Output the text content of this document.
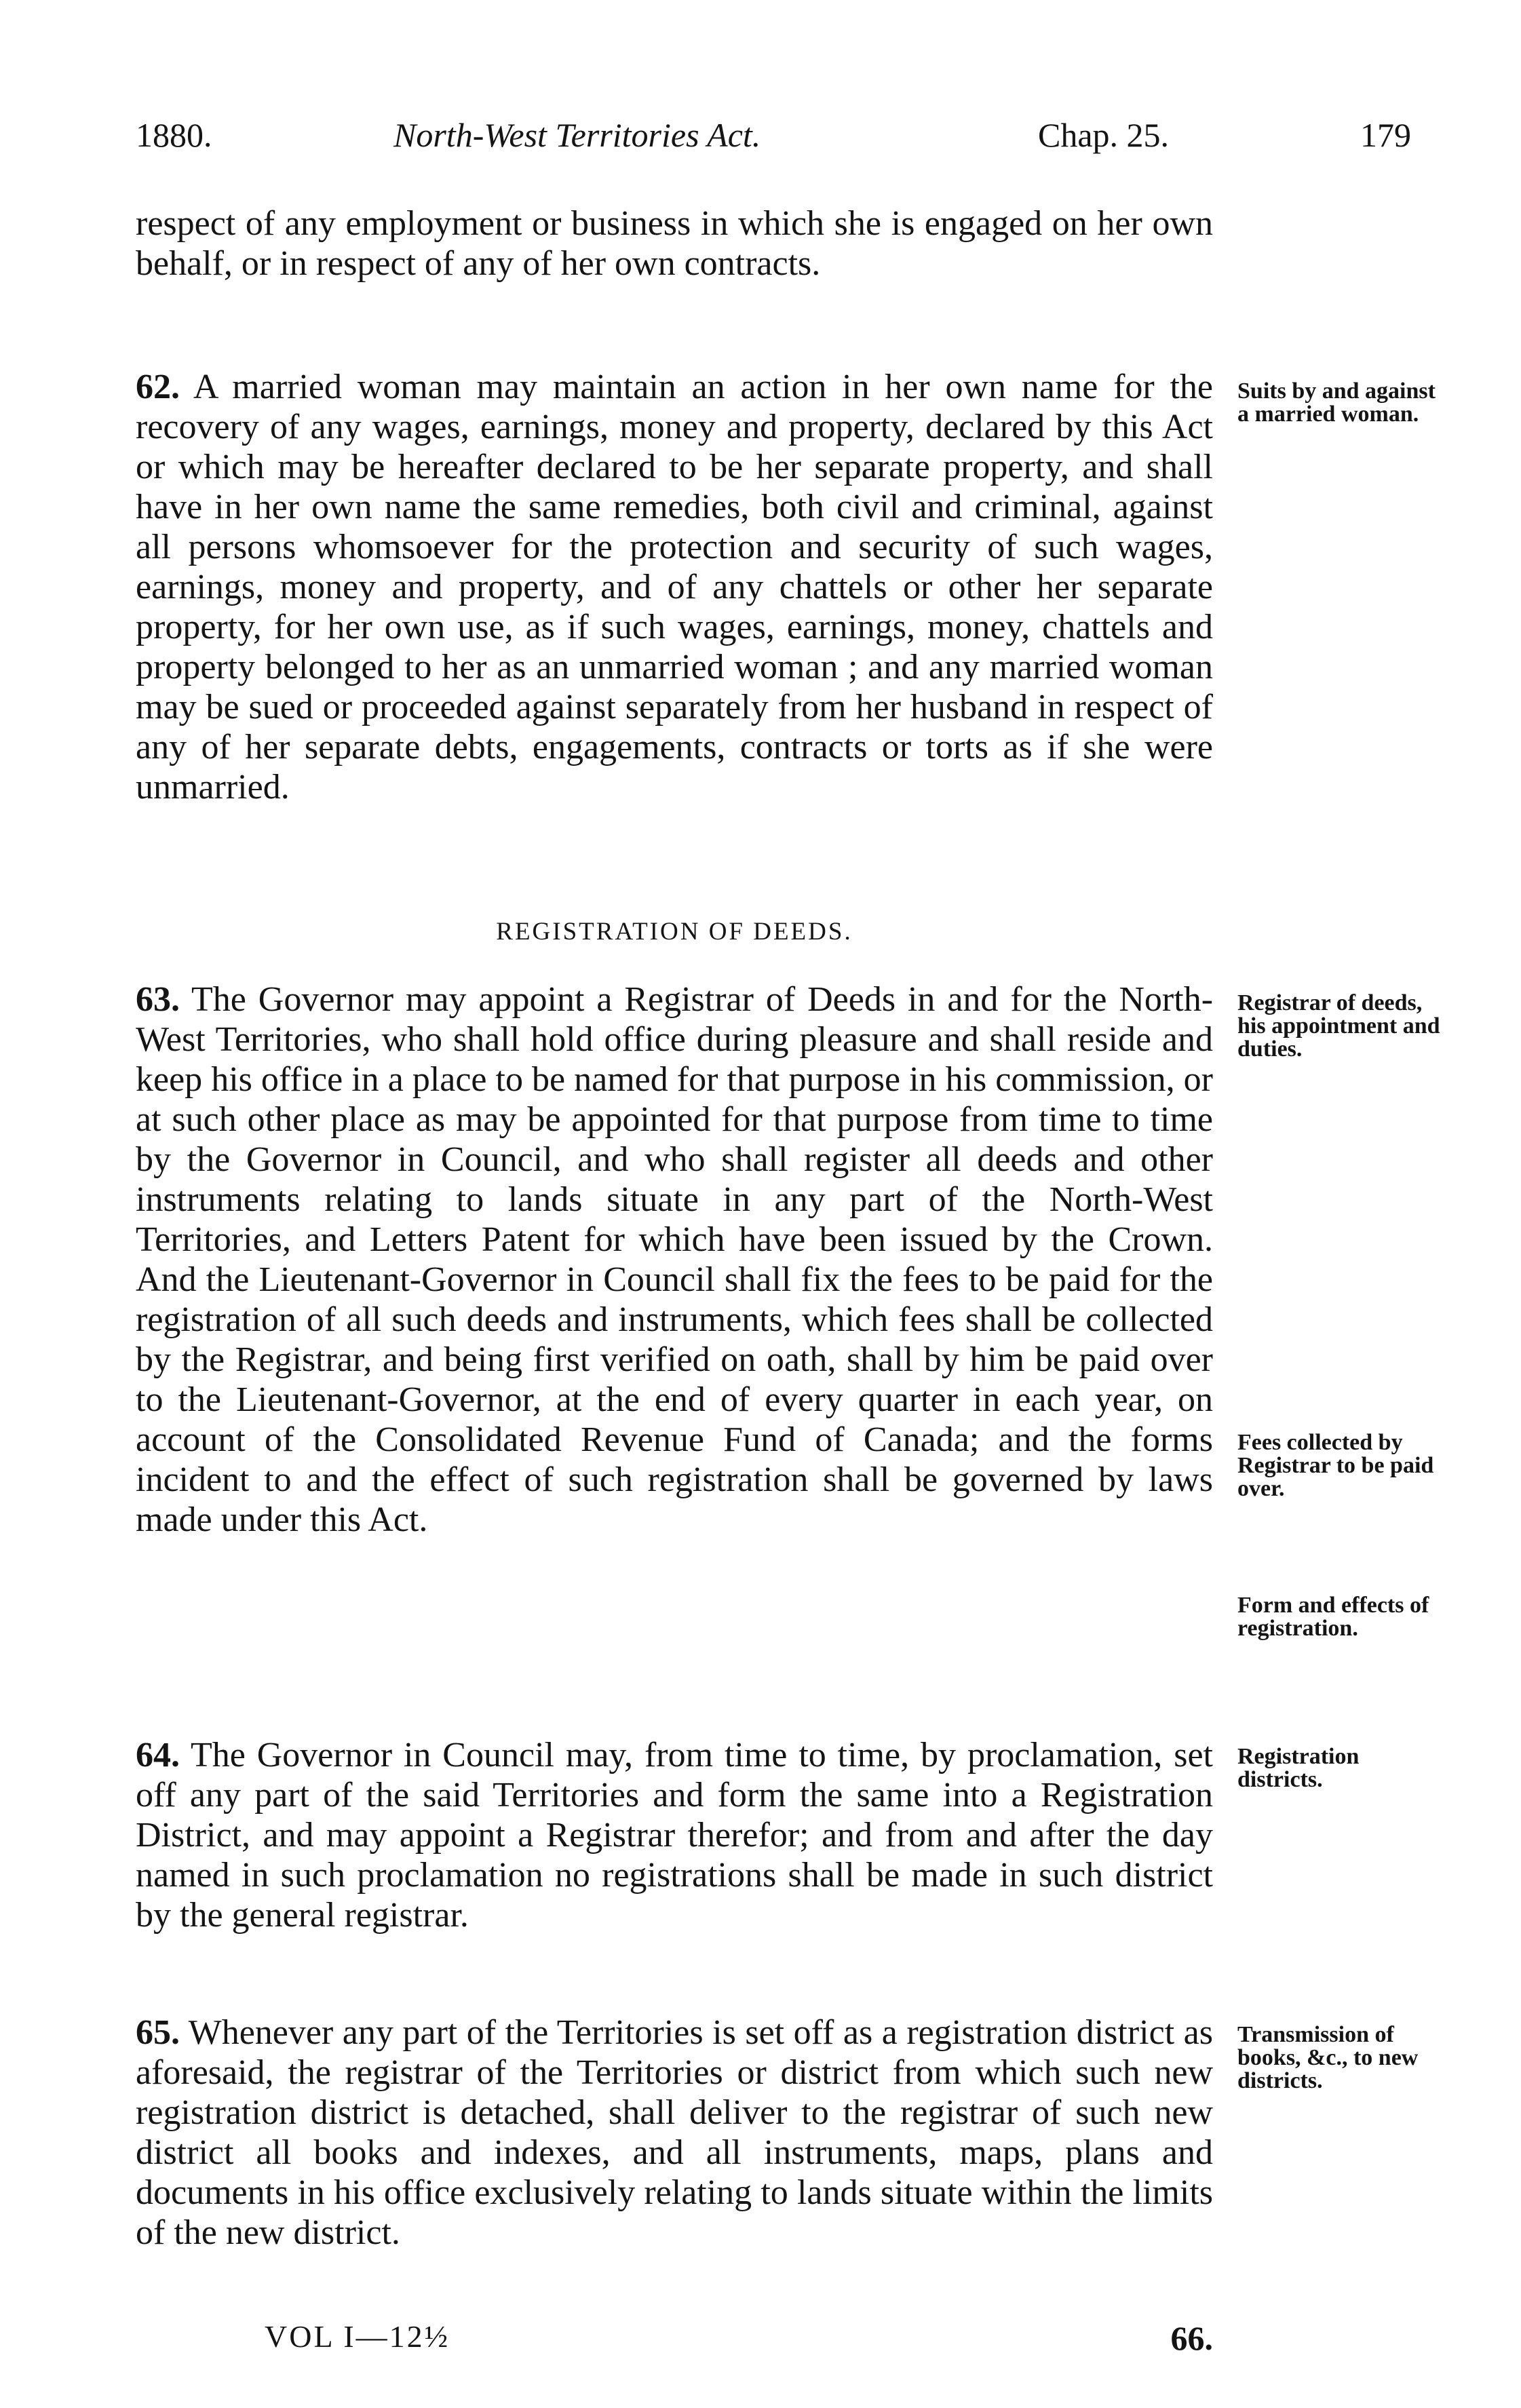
1880.	North-West Territories Act.	Chap. 25.	179
respect of any employment or business in which she is engaged on her own behalf, or in respect of any of her own contracts.
62. A married woman may maintain an action in her own name for the recovery of any wages, earnings, money and property, declared by this Act or which may be hereafter declared to be her separate property, and shall have in her own name the same remedies, both civil and criminal, against all persons whomsoever for the protection and security of such wages, earnings, money and property, and of any chattels or other her separate property, for her own use, as if such wages, earnings, money, chattels and property belonged to her as an unmarried woman ; and any married woman may be sued or proceeded against separately from her husband in respect of any of her separate debts, engagements, contracts or torts as if she were unmarried.
REGISTRATION OF DEEDS.
63. The Governor may appoint a Registrar of Deeds in and for the North-West Territories, who shall hold office during pleasure and shall reside and keep his office in a place to be named for that purpose in his commission, or at such other place as may be appointed for that purpose from time to time by the Governor in Council, and who shall register all deeds and other instruments relating to lands situate in any part of the North-West Territories, and Letters Patent for which have been issued by the Crown. And the Lieutenant-Governor in Council shall fix the fees to be paid for the registration of all such deeds and instruments, which fees shall be collected by the Registrar, and being first verified on oath, shall by him be paid over to the Lieutenant-Governor, at the end of every quarter in each year, on account of the Consolidated Revenue Fund of Canada; and the forms incident to and the effect of such registration shall be governed by laws made under this Act.
64. The Governor in Council may, from time to time, by proclamation, set off any part of the said Territories and form the same into a Registration District, and may appoint a Registrar therefor; and from and after the day named in such proclamation no registrations shall be made in such district by the general registrar.
65. Whenever any part of the Territories is set off as a registration district as aforesaid, the registrar of the Territories or district from which such new registration district is detached, shall deliver to the registrar of such new district all books and indexes, and all instruments, maps, plans and documents in his office exclusively relating to lands situate within the limits of the new district.
Suits by and against a married woman.
Registrar of deeds, his appointment and duties.
Fees collected by Registrar to be paid over.
Form and effects of registration.
Registration districts.
Transmission of books, &c., to new districts.
VOL I—12½	66.
